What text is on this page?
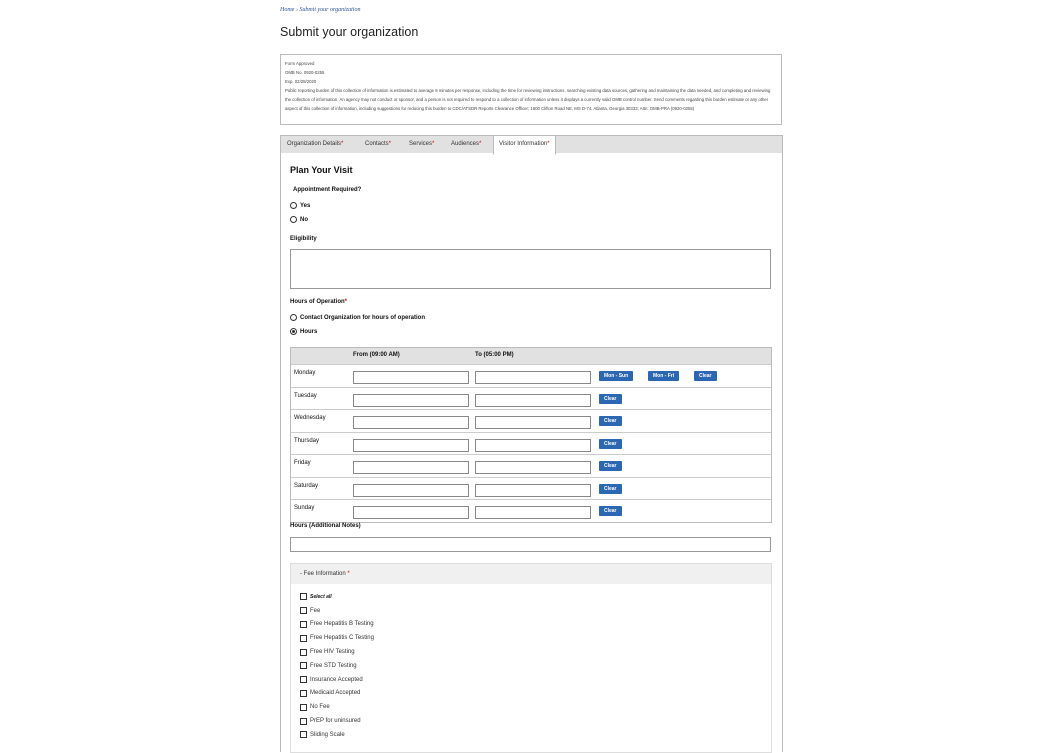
Home › Submit your organization
Submit your organization
Form Approved
OMB No. 0920-0255
Exp. 02/28/2020
Public reporting burden of this collection of information is estimated to average 8 minutes per response, including the time for reviewing instructions, searching existing data sources, gathering and maintaining the data needed, and completing and reviewing the collection of information. An agency may not conduct or sponsor, and a person is not required to respond to a collection of information unless it displays a currently valid OMB control number. Send comments regarding this burden estimate or any other aspect of this collection of information, including suggestions for reducing this burden to CDC/ATSDR Reports Clearance Officer; 1600 Clifton Road NE, MS D-74, Atlanta, Georgia 30333; Attn: OMB-PRA (0920-0255)
Organization Details*	Contacts*	Services*	Audiences*	Visitor Information*
Plan Your Visit
Appointment Required?
Yes
No
Eligibility
Hours of Operation*
Contact Organization for hours of operation
Hours
From (09:00 AM)	To (05:00 PM)
Monday	Mon - Sun	Mon - Fri	Clear
Tuesday	Clear
Wednesday	Clear
Thursday	Clear
Friday	Clear
Saturday	Clear
Sunday	Clear
Hours (Additional Notes)
- Fee Information *
Select all
Fee
Free Hepatitis B Testing
Free Hepatitis C Testing
Free HIV Testing
Free STD Testing
Insurance Accepted
Medicaid Accepted
No Fee
PrEP for uninsured
Sliding Scale
